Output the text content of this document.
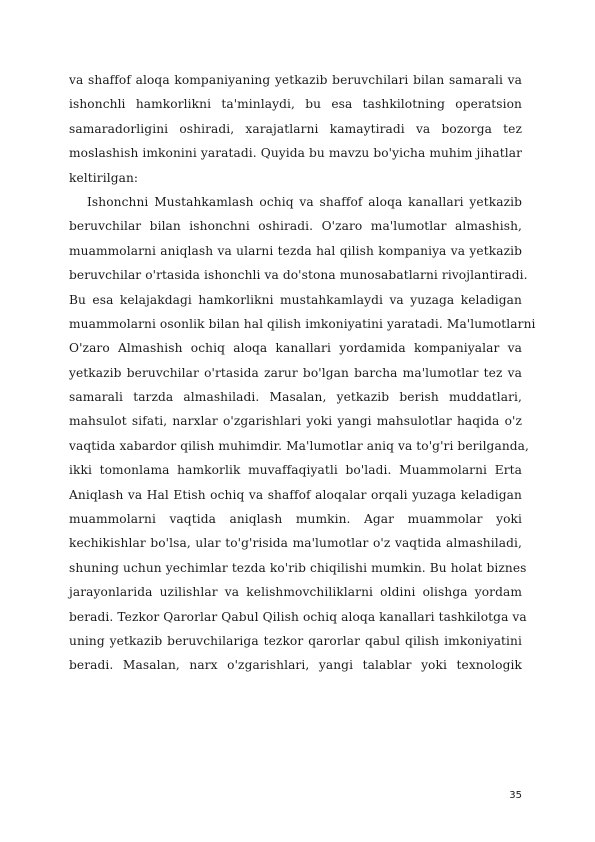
va shaffof aloqa kompaniyaning yetkazib beruvchilari bilan samarali va
ishonchli hamkorlikni ta'minlaydi, bu esa tashkilotning operatsion
samaradorligini oshiradi, xarajatlarni kamaytiradi va bozorga tez
moslashish imkonini yaratadi. Quyida bu mavzu bo'yicha muhim jihatlar
keltirilgan:
Ishonchni Mustahkamlash ochiq va shaffof aloqa kanallari yetkazib
beruvchilar bilan ishonchni oshiradi. O'zaro ma'lumotlar almashish,
muammolarni aniqlash va ularni tezda hal qilish kompaniya va yetkazib
beruvchilar o'rtasida ishonchli va do'stona munosabatlarni rivojlantiradi.
Bu esa kelajakdagi hamkorlikni mustahkamlaydi va yuzaga keladigan
muammolarni osonlik bilan hal qilish imkoniyatini yaratadi. Ma'lumotlarni
O'zaro Almashish ochiq aloqa kanallari yordamida kompaniyalar va
yetkazib beruvchilar o'rtasida zarur bo'lgan barcha ma'lumotlar tez va
samarali tarzda almashiladi. Masalan, yetkazib berish muddatlari,
mahsulot sifati, narxlar o'zgarishlari yoki yangi mahsulotlar haqida o'z
vaqtida xabardor qilish muhimdir. Ma'lumotlar aniq va to'g'ri berilganda,
ikki tomonlama hamkorlik muvaffaqiyatli bo'ladi. Muammolarni Erta
Aniqlash va Hal Etish ochiq va shaffof aloqalar orqali yuzaga keladigan
muammolarni vaqtida aniqlash mumkin. Agar muammolar yoki
kechikishlar bo'lsa, ular to'g'risida ma'lumotlar o'z vaqtida almashiladi,
shuning uchun yechimlar tezda ko'rib chiqilishi mumkin. Bu holat biznes
jarayonlarida uzilishlar va kelishmovchiliklarni oldini olishga yordam
beradi. Tezkor Qarorlar Qabul Qilish ochiq aloqa kanallari tashkilotga va
uning yetkazib beruvchilariga tezkor qarorlar qabul qilish imkoniyatini
beradi. Masalan, narx o'zgarishlari, yangi talablar yoki texnologik
35
